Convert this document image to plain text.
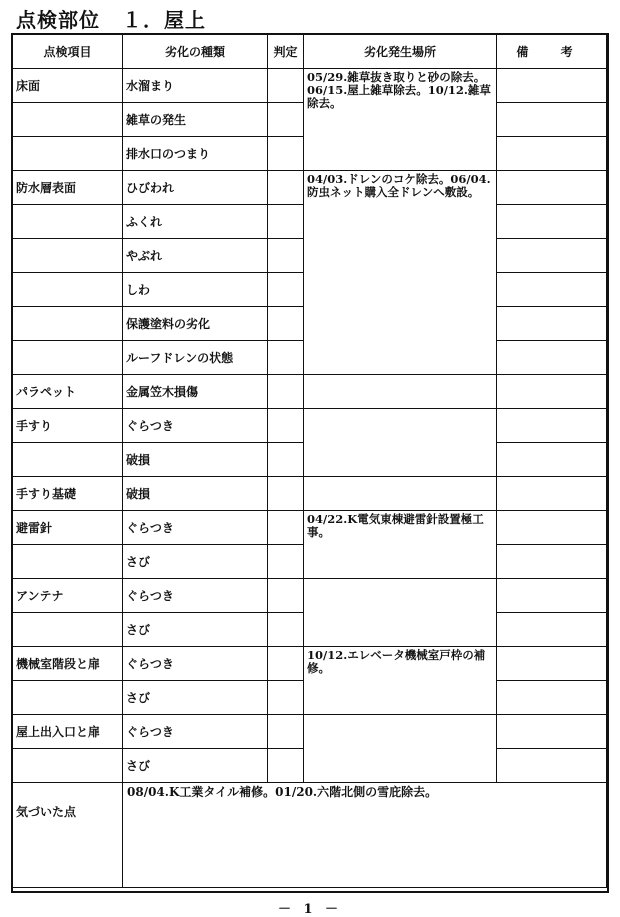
点検部位 １．屋上
点検項目	劣化の種類	判定	劣化発生場所	備 考
床面	水溜まり		05/29.雑草抜き取りと砂の除去。06/15.屋上雑草除去。10/12.雑草除去。	
	雑草の発生			
	排水口のつまり			
防水層表面	ひびわれ		04/03.ドレンのコケ除去。06/04.防虫ネット購入全ドレンへ敷設。	
	ふくれ			
	やぶれ			
	しわ			
	保護塗料の劣化			
	ルーフドレンの状態			
パラペット	金属笠木損傷			
手すり	ぐらつき			
	破損			
手すり基礎	破損			
避雷針	ぐらつき		04/22.K電気東棟避雷針設置極工事。	
	さび			
アンテナ	ぐらつき			
	さび			
機械室階段と扉	ぐらつき		10/12.エレベータ機械室戸枠の補修。	
	さび			
屋上出入口と扉	ぐらつき			
	さび			
気づいた点	08/04.K工業タイル補修。01/20.六階北側の雪庇除去。			
－ 1 －
